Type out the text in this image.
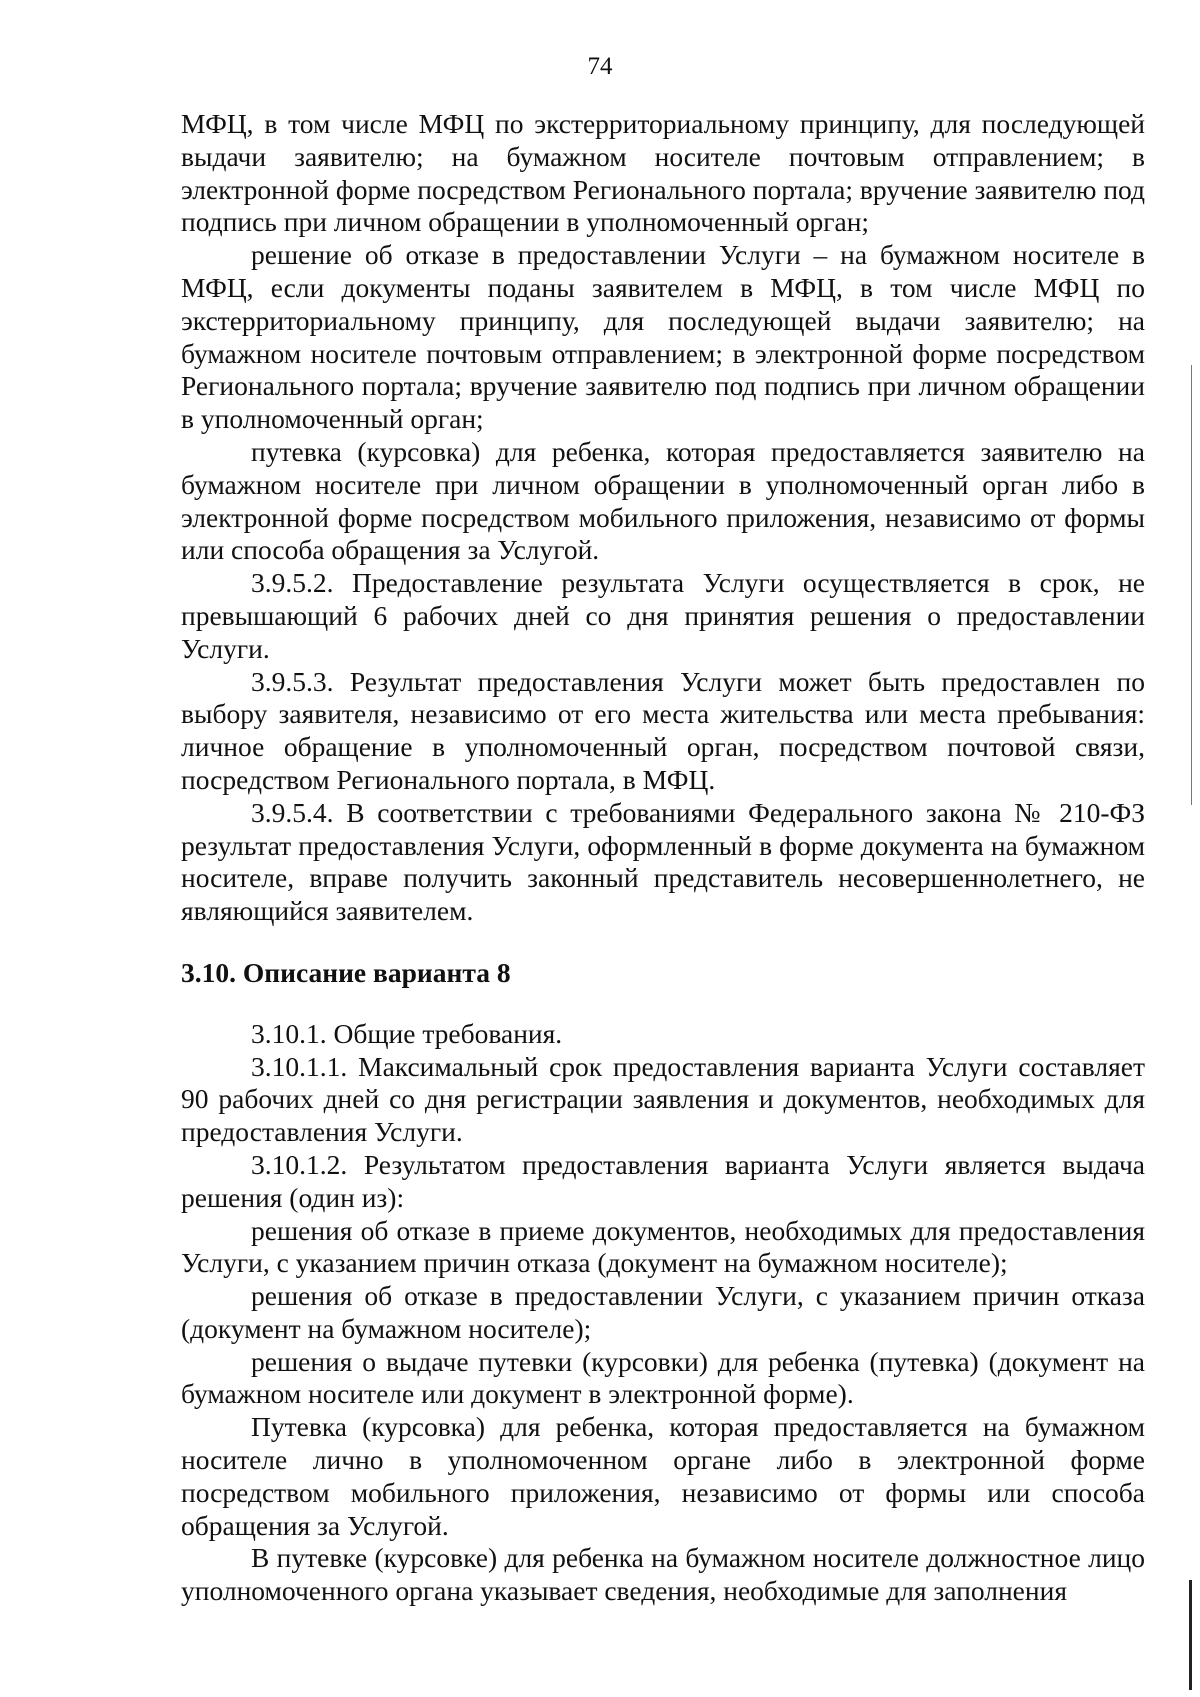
74

МФЦ, в том числе МФЦ по экстерриториальному принципу, для последующей выдачи заявителю; на бумажном носителе почтовым отправлением; в электронной форме посредством Регионального портала; вручение заявителю под подпись при личном обращении в уполномоченный орган;

решение об отказе в предоставлении Услуги – на бумажном носителе в МФЦ, если документы поданы заявителем в МФЦ, в том числе МФЦ по экстерриториальному принципу, для последующей выдачи заявителю; на бумажном носителе почтовым отправлением; в электронной форме посредством Регионального портала; вручение заявителю под подпись при личном обращении в уполномоченный орган;

путевка (курсовка) для ребенка, которая предоставляется заявителю на бумажном носителе при личном обращении в уполномоченный орган либо в электронной форме посредством мобильного приложения, независимо от формы или способа обращения за Услугой.

3.9.5.2. Предоставление результата Услуги осуществляется в срок, не превышающий 6 рабочих дней со дня принятия решения о предоставлении Услуги.

3.9.5.3. Результат предоставления Услуги может быть предоставлен по выбору заявителя, независимо от его места жительства или места пребывания: личное обращение в уполномоченный орган, посредством почтовой связи, посредством Регионального портала, в МФЦ.

3.9.5.4. В соответствии с требованиями Федерального закона № 210-ФЗ результат предоставления Услуги, оформленный в форме документа на бумажном носителе, вправе получить законный представитель несовершеннолетнего, не являющийся заявителем.

3.10. Описание варианта 8

3.10.1. Общие требования.

3.10.1.1. Максимальный срок предоставления варианта Услуги составляет 90 рабочих дней со дня регистрации заявления и документов, необходимых для предоставления Услуги.

3.10.1.2. Результатом предоставления варианта Услуги является выдача решения (один из):

решения об отказе в приеме документов, необходимых для предоставления Услуги, с указанием причин отказа (документ на бумажном носителе);

решения об отказе в предоставлении Услуги, с указанием причин отказа (документ на бумажном носителе);

решения о выдаче путевки (курсовки) для ребенка (путевка) (документ на бумажном носителе или документ в электронной форме).

Путевка (курсовка) для ребенка, которая предоставляется на бумажном носителе лично в уполномоченном органе либо в электронной форме посредством мобильного приложения, независимо от формы или способа обращения за Услугой.

В путевке (курсовке) для ребенка на бумажном носителе должностное лицо уполномоченного органа указывает сведения, необходимые для заполнения
